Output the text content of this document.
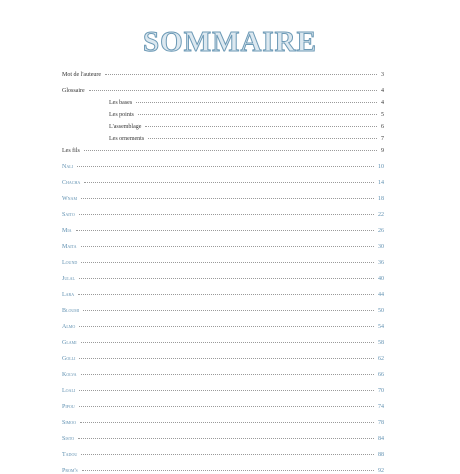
SOMMAIRE
Mot de l'auteure	3
Glossaire	4
Les bases	4
Les points	5
L'assemblage	6
Les ornements	7
Les fils	9
Nali	10
Chacha	14
Wnam	18
Saito	22
Mia	26
Maita	30
Lound	36
Julal	40
Lara	44
Bloumi	50
Almo	54
Glami	58
Golli	62
Kolva	66
Loali	70
Pipou	74
Simoo	78
Sisto	84
Tadou	88
Prom's	92
